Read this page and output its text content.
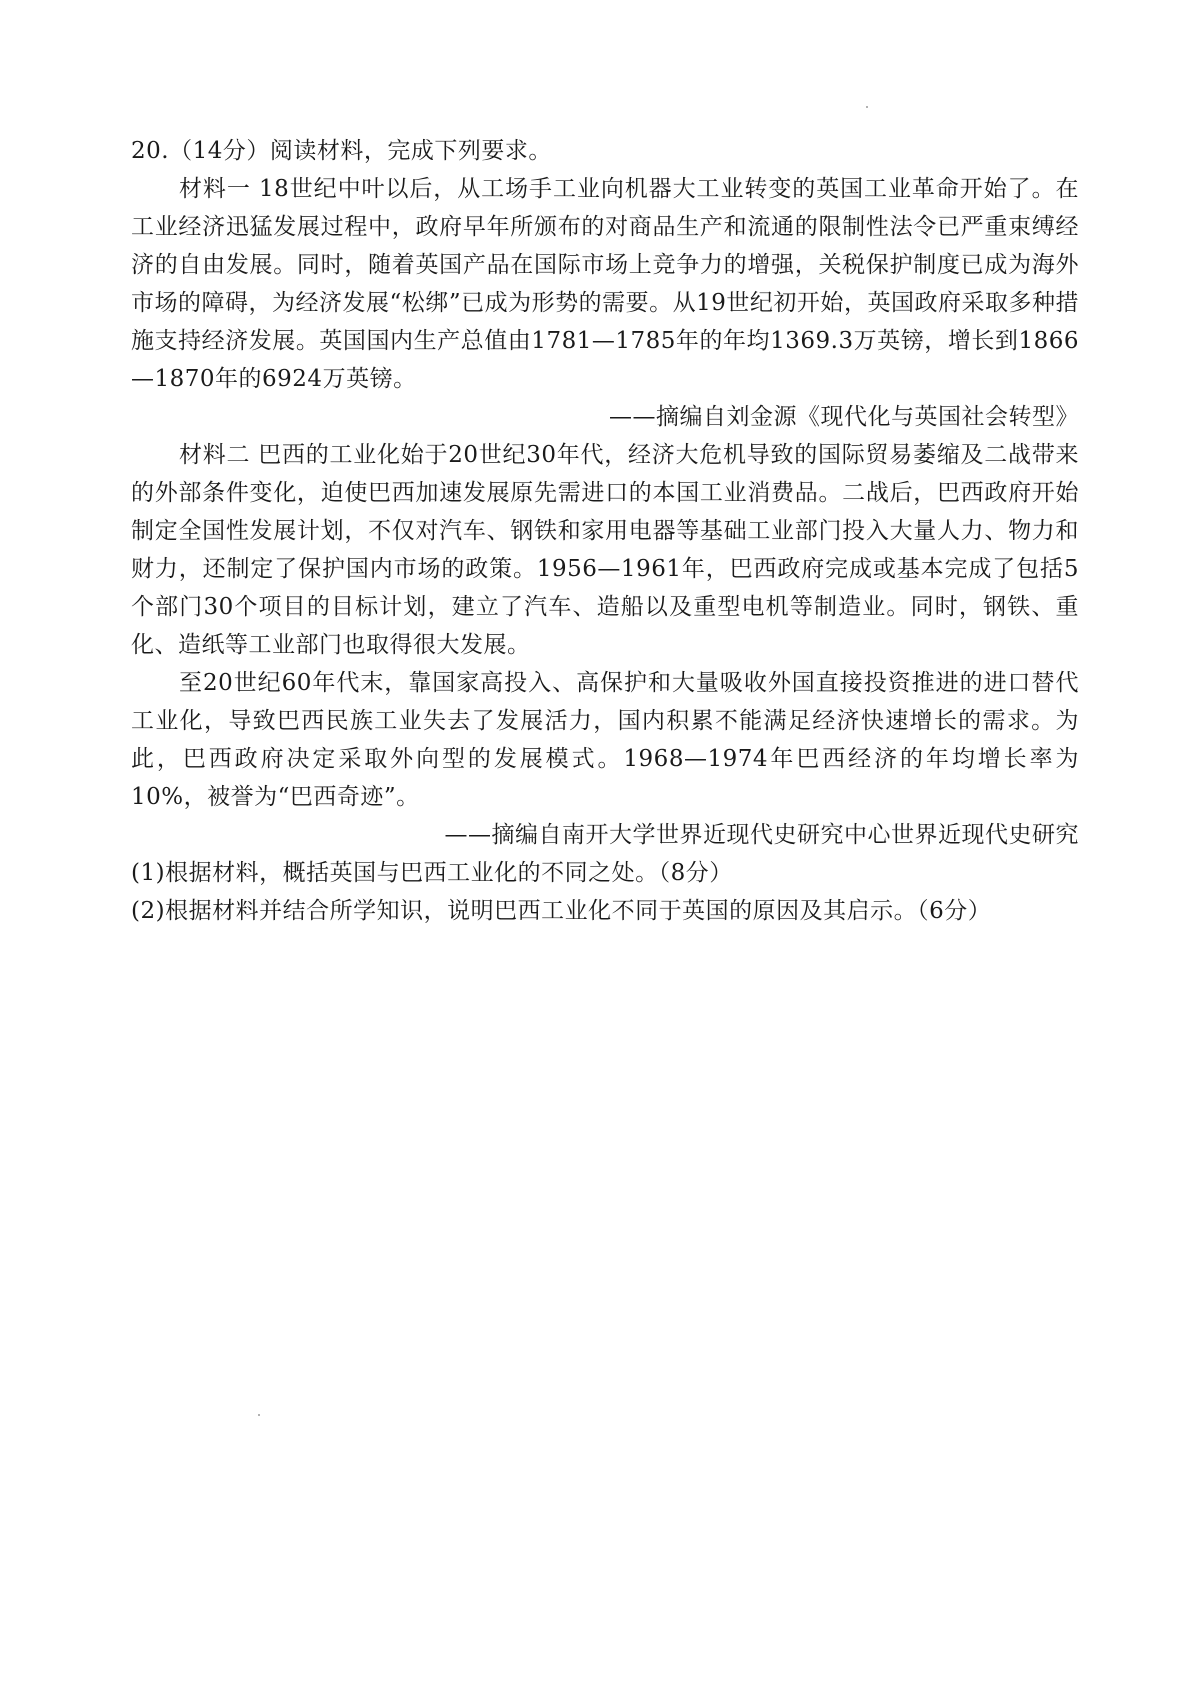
20.（14分）阅读材料，完成下列要求。

材料一 18世纪中叶以后，从工场手工业向机器大工业转变的英国工业革命开始了。在工业经济迅猛发展过程中，政府早年所颁布的对商品生产和流通的限制性法令已严重束缚经济的自由发展。同时，随着英国产品在国际市场上竞争力的增强，关税保护制度已成为海外市场的障碍，为经济发展“松绑”已成为形势的需要。从19世纪初开始，英国政府采取多种措施支持经济发展。英国国内生产总值由1781—1785年的年均1369.3万英镑，增长到1866—1870年的6924万英镑。

——摘编自刘金源《现代化与英国社会转型》

材料二 巴西的工业化始于20世纪30年代，经济大危机导致的国际贸易萎缩及二战带来的外部条件变化，迫使巴西加速发展原先需进口的本国工业消费品。二战后，巴西政府开始制定全国性发展计划，不仅对汽车、钢铁和家用电器等基础工业部门投入大量人力、物力和财力，还制定了保护国内市场的政策。1956—1961年，巴西政府完成或基本完成了包括5个部门30个项目的目标计划，建立了汽车、造船以及重型电机等制造业。同时，钢铁、重化、造纸等工业部门也取得很大发展。

至20世纪60年代末，靠国家高投入、高保护和大量吸收外国直接投资推进的进口替代工业化，导致巴西民族工业失去了发展活力，国内积累不能满足经济快速增长的需求。为此，巴西政府决定采取外向型的发展模式。1968—1974年巴西经济的年均增长率为10%，被誉为“巴西奇迹”。

——摘编自南开大学世界近现代史研究中心世界近现代史研究

(1)根据材料，概括英国与巴西工业化的不同之处。（8分）

(2)根据材料并结合所学知识，说明巴西工业化不同于英国的原因及其启示。（6分）
